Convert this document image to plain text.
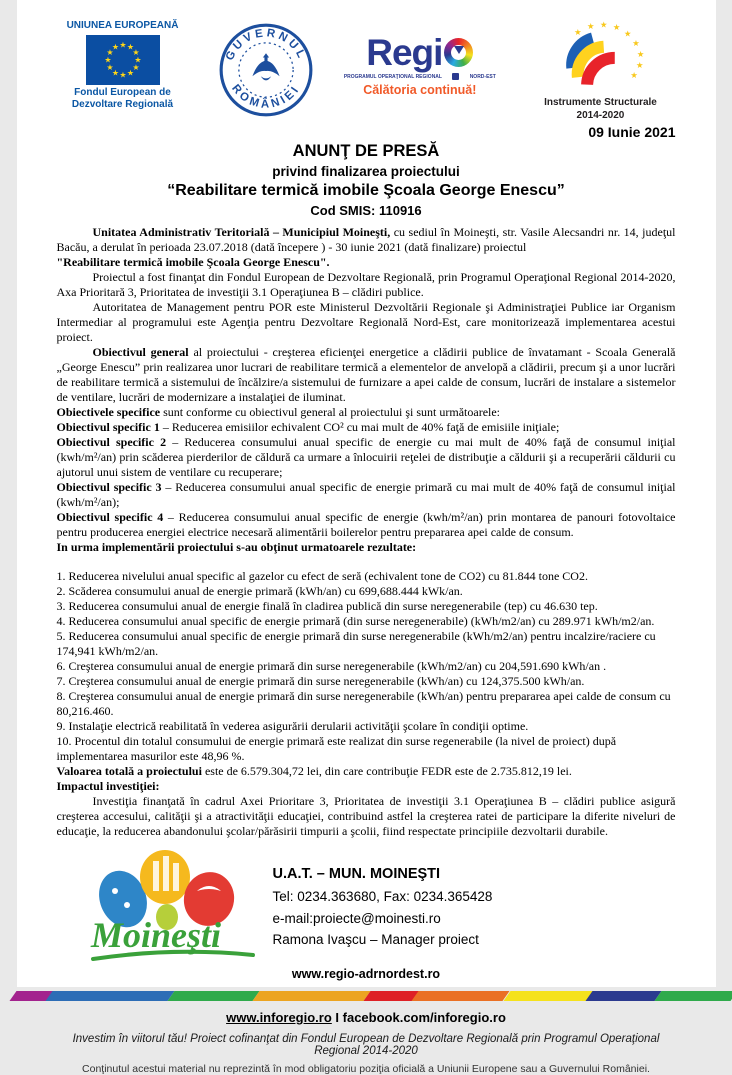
UNIUNEA EUROPEANĂ
★ ★
★
★
★
★
★
★
★
★
★
★
Fondul European de Dezvoltare Regională
GUVERNUL
ROMÂNIEI
Regi
PROGRAMUL OPERAŢIONAL REGIONAL	NORD-EST
Călătoria continuă!
★
★ ★ ★
★
★
★
★
★
Instrumente Structurale
2014-2020
09 Iunie 2021

ANUNŢ DE PRESĂ

privind finalizarea proiectului

“Reabilitare termică imobile Şcoala George Enescu”

Cod SMIS: 110916

Unitatea Administrativ Teritorială – Municipiul Moineşti, cu sediul în Moineşti, str. Vasile Alecsandri nr. 14, judeţul Bacău, a derulat în perioada 23.07.2018 (dată începere ) - 30 iunie 2021 (dată finalizare) proiectul

"Reabilitare termică imobile Şcoala George Enescu".

Proiectul a fost finanţat din Fondul European de Dezvoltare Regională, prin Programul Operaţional Regional 2014-2020, Axa Prioritară 3, Prioritatea de investiţii 3.1 Operaţiunea B – clădiri publice.

Autoritatea de Management pentru POR este Ministerul Dezvoltării Regionale şi Administraţiei Publice iar Organism Intermediar al programului este Agenţia pentru Dezvoltare Regională Nord-Est, care monitorizează implementarea acestui proiect.

Obiectivul general al proiectului - creşterea eficienţei energetice a clădirii publice de învatamant - Scoala Generală „George Enescu” prin realizarea unor lucrari de reabilitare termică a elementelor de anvelopă a clădirii, precum şi a unor lucrări de reabilitare termică a sistemului de încălzire/a sistemului de furnizare a apei calde de consum, lucrări de instalare a sistemelor de ventilare, lucrări de modernizare a instalaţiei de iluminat.

Obiectivele specifice sunt conforme cu obiectivul general al proiectului şi sunt următoarele:

Obiectivul specific 1 – Reducerea emisiilor echivalent CO² cu mai mult de 40% faţă de emisiile iniţiale;

Obiectivul specific 2 – Reducerea consumului anual specific de energie cu mai mult de 40% faţă de consumul iniţial (kwh/m²/an) prin scăderea pierderilor de căldură ca urmare a înlocuirii reţelei de distribuţie a căldurii şi a recuperării căldurii cu ajutorul unui sistem de ventilare cu recuperare;

Obiectivul specific 3 – Reducerea consumului anual specific de energie primară cu mai mult de 40% faţă de consumul iniţial (kwh/m²/an);

Obiectivul specific 4 – Reducerea consumului anual specific de energie (kwh/m²/an) prin montarea de panouri fotovoltaice pentru producerea energiei electrice necesară alimentării boilerelor pentru prepararea apei calde de consum.

In urma implementării proiectului s-au obţinut urmatoarele rezultate:

1. Reducerea nivelului anual specific al gazelor cu efect de seră (echivalent tone de CO2) cu 81.844 tone CO2.

2. Scăderea consumului anual de energie primară (kWh/an) cu 699,688.444 kWk/an.

3. Reducerea consumului anual de energie finală în cladirea publică din surse neregenerabile (tep) cu 46.630 tep.

4. Reducerea consumului anual specific de energie primară (din surse neregenerabile) (kWh/m2/an) cu 289.971 kWh/m2/an.

5. Reducerea consumului anual specific de energie primară din surse neregenerabile (kWh/m2/an) pentru incalzire/raciere cu 174,941 kWh/m2/an.

6. Creşterea consumului anual de energie primară din surse neregenerabile (kWh/m2/an) cu 204,591.690 kWh/an .

7. Creşterea consumului anual de energie primară din surse neregenerabile (kWh/an) cu 124,375.500 kWh/an.

8. Creşterea consumului anual de energie primară din surse neregenerabile (kWh/an) pentru prepararea apei calde de consum cu 80,216.460.

9. Instalaţie electrică reabilitată în vederea asigurării derularii activităţii şcolare în condiţii optime.

10. Procentul din totalul consumului de energie primară este realizat din surse regenerabile (la nivel de proiect) după implementarea masurilor este 48,96 %.

Valoarea totală a proiectului este de 6.579.304,72 lei, din care contribuţie FEDR este de 2.735.812,19 lei.

Impactul investiţiei:

Investiţia finanţată în cadrul Axei Prioritare 3, Prioritatea de investiţii 3.1 Operaţiunea B – clădiri publice asigură creşterea accesului, calităţii şi a atractivităţii educaţiei, contribuind astfel la creşterea ratei de participare la diferite niveluri de educaţie, la reducerea abandonului şcolar/părăsirii timpurii a şcolii, fiind respectate principiile dezvoltarii durabile.

Moineşti
U.A.T. – MUN. MOINEŞTI
Tel: 0234.363680, Fax: 0234.365428
e-mail:proiecte@moinesti.ro
Ramona Ivaşcu – Manager proiect
www.regio-adrnordest.ro
www.inforegio.ro I facebook.com/inforegio.ro
Investim în viitorul tău! Proiect cofinanţat din Fondul European de Dezvoltare Regională prin Programul Operaţional Regional 2014-2020
Conţinutul acestui material nu reprezintă în mod obligatoriu poziţia oficială a Uniunii Europene sau a Guvernului României.
